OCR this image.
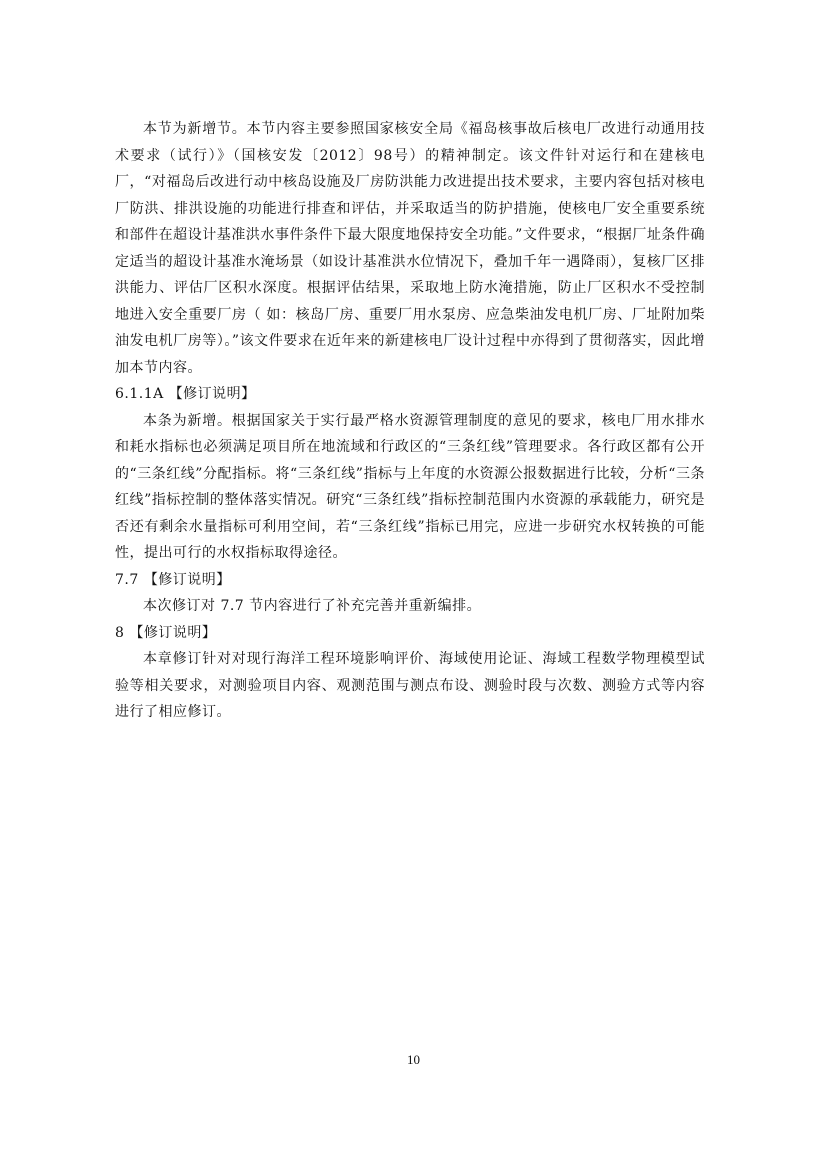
本节为新增节。本节内容主要参照国家核安全局《福岛核事故后核电厂改进行动通用技术要求（试行）》（国核安发〔2012〕98号）的精神制定。该文件针对运行和在建核电厂，“对福岛后改进行动中核岛设施及厂房防洪能力改进提出技术要求，主要内容包括对核电厂防洪、排洪设施的功能进行排查和评估，并采取适当的防护措施，使核电厂安全重要系统和部件在超设计基准洪水事件条件下最大限度地保持安全功能。”文件要求，“根据厂址条件确定适当的超设计基准水淹场景（如设计基准洪水位情况下，叠加千年一遇降雨），复核厂区排洪能力、评估厂区积水深度。根据评估结果，采取地上防水淹措施，防止厂区积水不受控制地进入安全重要厂房（ 如：核岛厂房、重要厂用水泵房、应急柴油发电机厂房、厂址附加柴油发电机厂房等）。”该文件要求在近年来的新建核电厂设计过程中亦得到了贯彻落实，因此增加本节内容。

6.1.1A 【修订说明】

本条为新增。根据国家关于实行最严格水资源管理制度的意见的要求，核电厂用水排水和耗水指标也必须满足项目所在地流域和行政区的“三条红线”管理要求。各行政区都有公开的“三条红线”分配指标。将“三条红线”指标与上年度的水资源公报数据进行比较，分析“三条红线”指标控制的整体落实情况。研究“三条红线”指标控制范围内水资源的承载能力，研究是否还有剩余水量指标可利用空间，若“三条红线”指标已用完，应进一步研究水权转换的可能性，提出可行的水权指标取得途径。

7.7 【修订说明】

本次修订对 7.7 节内容进行了补充完善并重新编排。

8 【修订说明】

本章修订针对对现行海洋工程环境影响评价、海域使用论证、海域工程数学物理模型试验等相关要求，对测验项目内容、观测范围与测点布设、测验时段与次数、测验方式等内容进行了相应修订。

10
